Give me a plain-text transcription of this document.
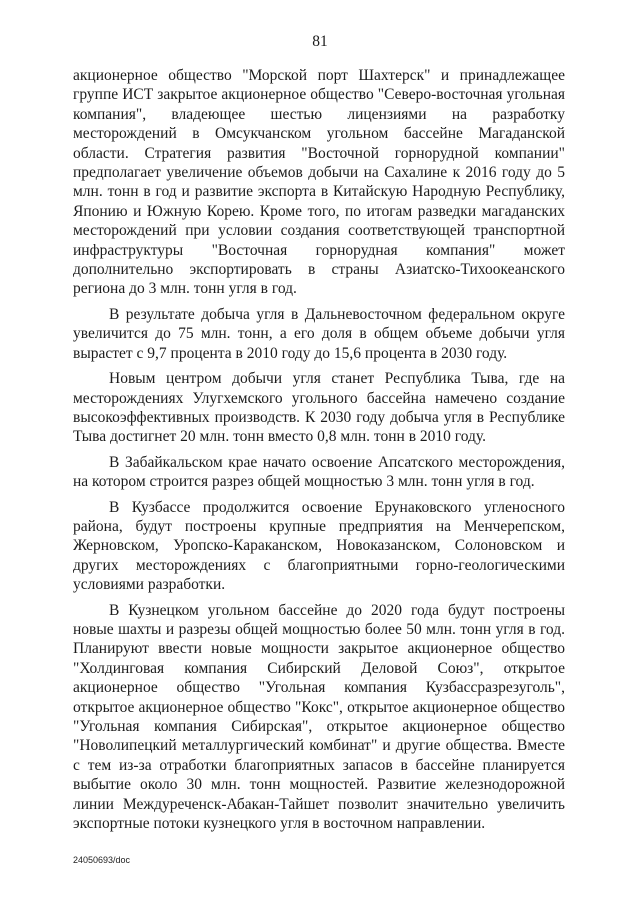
81

акционерное общество "Морской порт Шахтерск" и принадлежащее группе ИСТ закрытое акционерное общество "Северо-восточная угольная компания", владеющее шестью лицензиями на разработку месторождений в Омсукчанском угольном бассейне Магаданской области. Стратегия развития "Восточной горнорудной компании" предполагает увеличение объемов добычи на Сахалине к 2016 году до 5 млн. тонн в год и развитие экспорта в Китайскую Народную Республику, Японию и Южную Корею. Кроме того, по итогам разведки магаданских месторождений при условии создания соответствующей транспортной инфраструктуры "Восточная горнорудная компания" может дополнительно экспортировать в страны Азиатско-Тихоокеанского региона до 3 млн. тонн угля в год.

В результате добыча угля в Дальневосточном федеральном округе увеличится до 75 млн. тонн, а его доля в общем объеме добычи угля вырастет с 9,7 процента в 2010 году до 15,6 процента в 2030 году.

Новым центром добычи угля станет Республика Тыва, где на месторождениях Улугхемского угольного бассейна намечено создание высокоэффективных производств. К 2030 году добыча угля в Республике Тыва достигнет 20 млн. тонн вместо 0,8 млн. тонн в 2010 году.

В Забайкальском крае начато освоение Апсатского месторождения, на котором строится разрез общей мощностью 3 млн. тонн угля в год.

В Кузбассе продолжится освоение Ерунаковского угленосного района, будут построены крупные предприятия на Менчерепском, Жерновском, Уропско-Караканском, Новоказанском, Солоновском и других месторождениях с благоприятными горно-геологическими условиями разработки.

В Кузнецком угольном бассейне до 2020 года будут построены новые шахты и разрезы общей мощностью более 50 млн. тонн угля в год. Планируют ввести новые мощности закрытое акционерное общество "Холдинговая компания Сибирский Деловой Союз", открытое акционерное общество "Угольная компания Кузбассразрезуголь", открытое акционерное общество "Кокс", открытое акционерное общество "Угольная компания Сибирская", открытое акционерное общество "Новолипецкий металлургический комбинат" и другие общества. Вместе с тем из-за отработки благоприятных запасов в бассейне планируется выбытие около 30 млн. тонн мощностей. Развитие железнодорожной линии Междуреченск-Абакан-Тайшет позволит значительно увеличить экспортные потоки кузнецкого угля в восточном направлении.

24050693/doc
